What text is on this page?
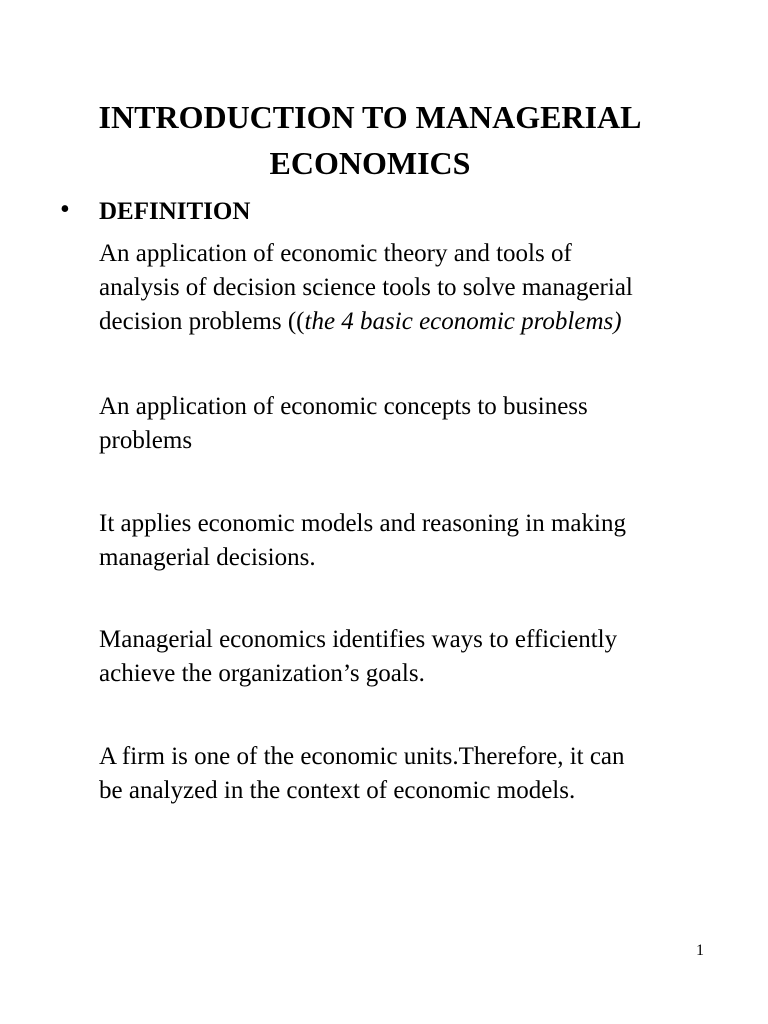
INTRODUCTION TO MANAGERIAL
ECONOMICS
• DEFINITION

An application of economic theory and tools of
analysis of decision science tools to solve managerial
decision problems ((the 4 basic economic problems)

An application of economic concepts to business
problems

It applies economic models and reasoning in making
managerial decisions.

Managerial economics identifies ways to efficiently
achieve the organization’s goals.

A firm is one of the economic units.Therefore, it can
be analyzed in the context of economic models.

1
